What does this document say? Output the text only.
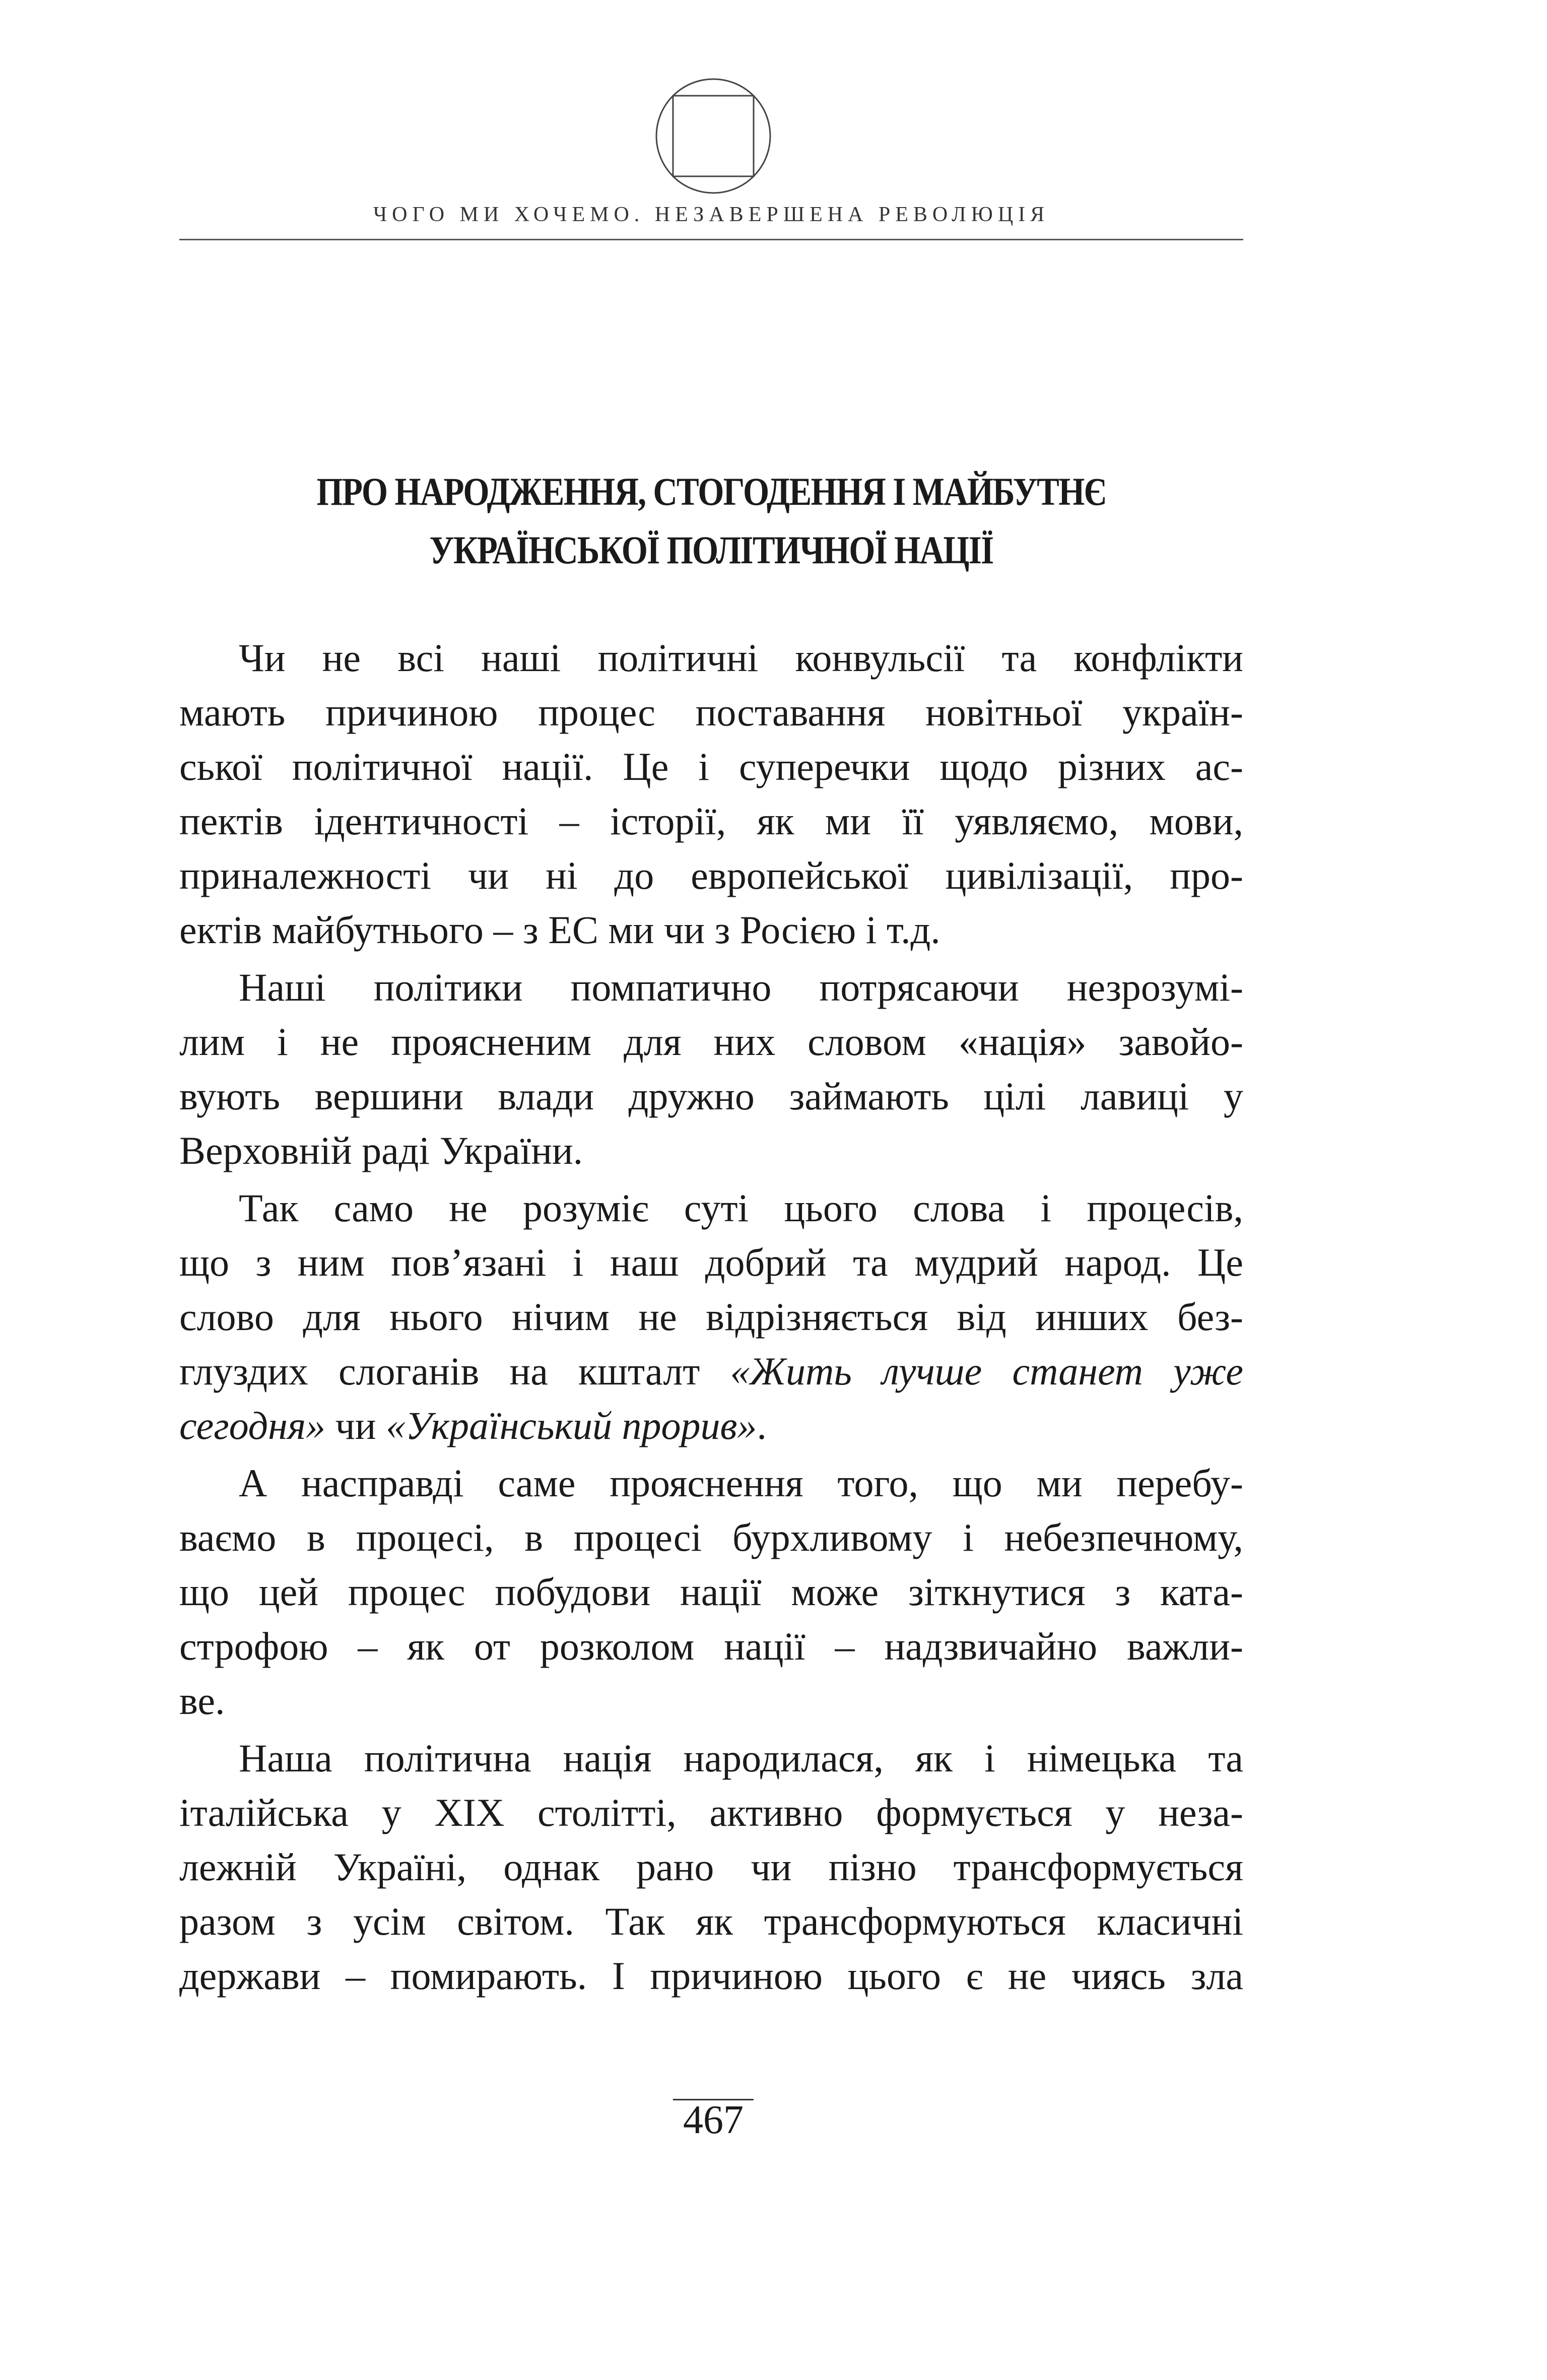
ЧОГО МИ ХОЧЕМО. НЕЗАВЕРШЕНА РЕВОЛЮЦІЯ
ПРО НАРОДЖЕННЯ, СТОГОДЕННЯ І МАЙБУТНЄ
УКРАЇНСЬКОЇ ПОЛІТИЧНОЇ НАЦІЇ
Чи не всі наші політичні конвульсії та конфлікти
мають причиною процес поставання новітньої україн-
ської політичної нації. Це і суперечки щодо різних ас-
пектів ідентичності – історії, як ми її уявляємо, мови,
приналежності чи ні до европейської цивілізації, про-
ектів майбутнього – з ЕС ми чи з Росією і т.д.
Наші політики помпатично потрясаючи незрозумі-
лим і не проясненим для них словом «нація» завойо-
вують вершини влади дружно займають цілі лавиці у
Верховній раді України.
Так само не розуміє суті цього слова і процесів,
що з ним пов’язані і наш добрий та мудрий народ. Це
слово для нього нічим не відрізняється від инших без-
глуздих слоганів на кшталт «Жить лучше станет уже
сегодня» чи «Український прорив».
А насправді саме прояснення того, що ми перебу-
ваємо в процесі, в процесі бурхливому і небезпечному,
що цей процес побудови нації може зіткнутися з ката-
строфою – як от розколом нації – надзвичайно важли-
ве.
Наша політична нація народилася, як і німецька та
італійська у XIX столітті, активно формується у неза-
лежній Україні, однак рано чи пізно трансформується
разом з усім світом. Так як трансформуються класичні
держави – помирають. І причиною цього є не чиясь зла
467
